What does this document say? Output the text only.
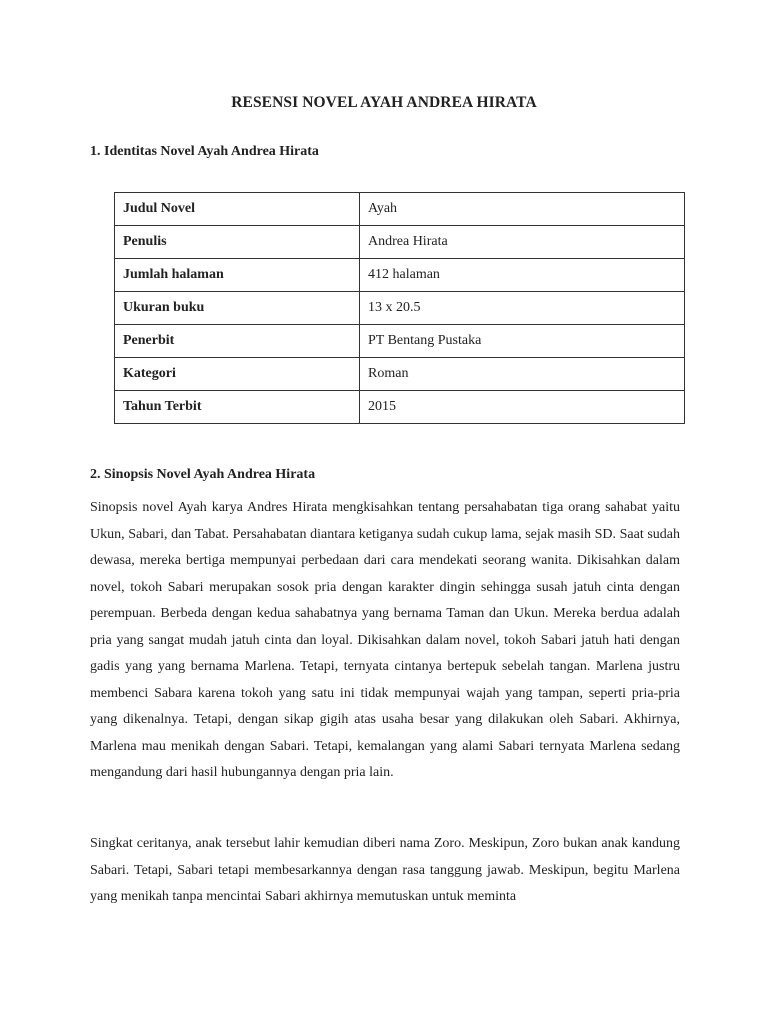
RESENSI NOVEL AYAH ANDREA HIRATA
1. Identitas Novel Ayah Andrea Hirata
Judul Novel	Ayah
Penulis	Andrea Hirata
Jumlah halaman	412 halaman
Ukuran buku	13 x 20.5
Penerbit	PT Bentang Pustaka
Kategori	Roman
Tahun Terbit	2015
2. Sinopsis Novel Ayah Andrea Hirata

Sinopsis novel Ayah karya Andres Hirata mengkisahkan tentang persahabatan tiga orang sahabat yaitu Ukun, Sabari, dan Tabat. Persahabatan diantara ketiganya sudah cukup lama, sejak masih SD. Saat sudah dewasa, mereka bertiga mempunyai perbedaan dari cara mendekati seorang wanita. Dikisahkan dalam novel, tokoh Sabari merupakan sosok pria dengan karakter dingin sehingga susah jatuh cinta dengan perempuan. Berbeda dengan kedua sahabatnya yang bernama Taman dan Ukun. Mereka berdua adalah pria yang sangat mudah jatuh cinta dan loyal. Dikisahkan dalam novel, tokoh Sabari jatuh hati dengan gadis yang yang bernama Marlena. Tetapi, ternyata cintanya bertepuk sebelah tangan. Marlena justru membenci Sabara karena tokoh yang satu ini tidak mempunyai wajah yang tampan, seperti pria-pria yang dikenalnya. Tetapi, dengan sikap gigih atas usaha besar yang dilakukan oleh Sabari. Akhirnya, Marlena mau menikah dengan Sabari. Tetapi, kemalangan yang alami Sabari ternyata Marlena sedang mengandung dari hasil hubungannya dengan pria lain.

Singkat ceritanya, anak tersebut lahir kemudian diberi nama Zoro. Meskipun, Zoro bukan anak kandung Sabari. Tetapi, Sabari tetapi membesarkannya dengan rasa tanggung jawab. Meskipun, begitu Marlena yang menikah tanpa mencintai Sabari akhirnya memutuskan untuk meminta
